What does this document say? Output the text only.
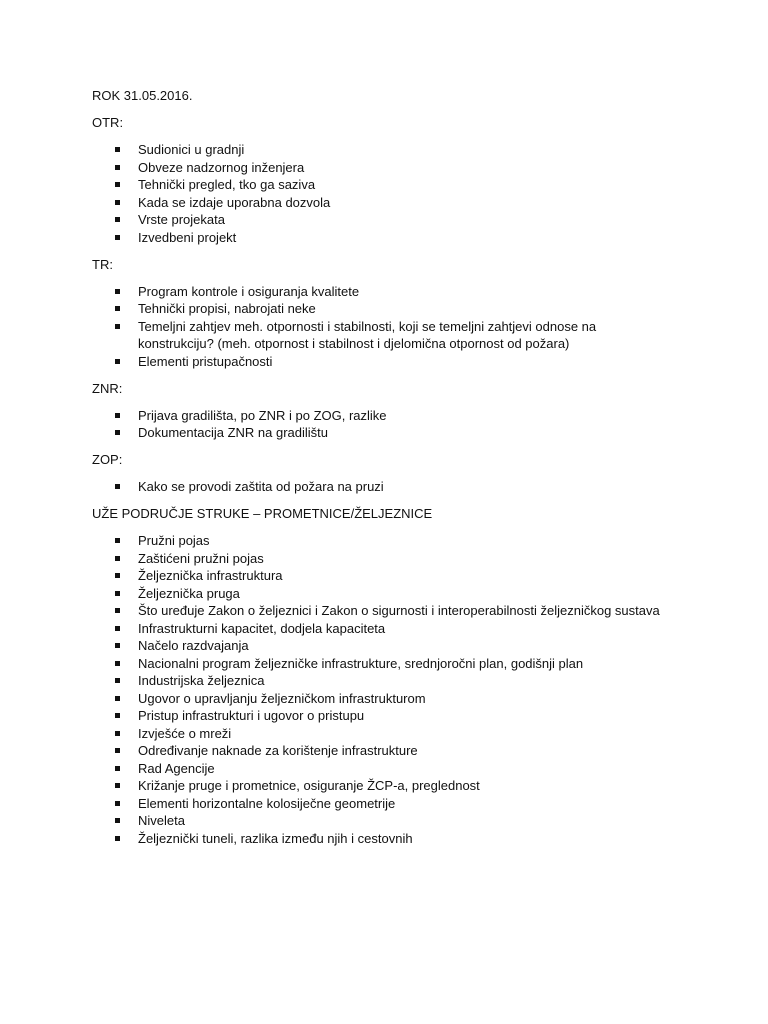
ROK 31.05.2016.

OTR:

Sudionici u gradnji
Obveze nadzornog inženjera
Tehnički pregled, tko ga saziva
Kada se izdaje uporabna dozvola
Vrste projekata
Izvedbeni projekt

TR:

Program kontrole i osiguranja kvalitete
Tehnički propisi, nabrojati neke
Temeljni zahtjev meh. otpornosti i stabilnosti, koji se temeljni zahtjevi odnose na konstrukciju? (meh. otpornost i stabilnost i djelomična otpornost od požara)
Elementi pristupačnosti

ZNR:

Prijava gradilišta, po ZNR i po ZOG, razlike
Dokumentacija ZNR na gradilištu

ZOP:

Kako se provodi zaštita od požara na pruzi

UŽE PODRUČJE STRUKE – PROMETNICE/ŽELJEZNICE

Pružni pojas
Zaštićeni pružni pojas
Željeznička infrastruktura
Željeznička pruga
Što uređuje Zakon o željeznici i Zakon o sigurnosti i interoperabilnosti željezničkog sustava
Infrastrukturni kapacitet, dodjela kapaciteta
Načelo razdvajanja
Nacionalni program željezničke infrastrukture, srednjoročni plan, godišnji plan
Industrijska željeznica
Ugovor o upravljanju željezničkom infrastrukturom
Pristup infrastrukturi i ugovor o pristupu
Izvješće o mreži
Određivanje naknade za korištenje infrastrukture
Rad Agencije
Križanje pruge i prometnice, osiguranje ŽCP-a, preglednost
Elementi horizontalne kolosiječne geometrije
Niveleta
Željeznički tuneli, razlika između njih i cestovnih
